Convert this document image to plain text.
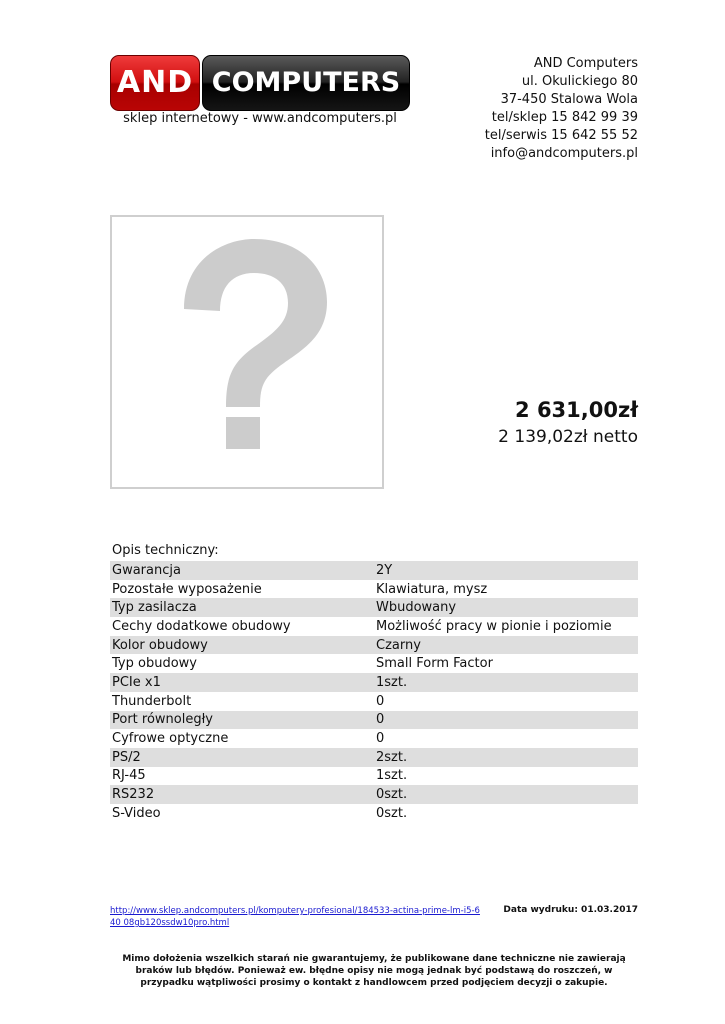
AND COMPUTERS
sklep internetowy - www.andcomputers.pl
AND Computers
ul. Okulickiego 80
37-450 Stalowa Wola
tel/sklep 15 842 99 39
tel/serwis 15 642 55 52
info@andcomputers.pl
2 631,00zł
2 139,02zł netto
Opis techniczny:
Gwarancja	2Y
Pozostałe wyposażenie	Klawiatura, mysz
Typ zasilacza	Wbudowany
Cechy dodatkowe obudowy	Możliwość pracy w pionie i poziomie
Kolor obudowy	Czarny
Typ obudowy	Small Form Factor
PCIe x1	1szt.
Thunderbolt	0
Port równoległy	0
Cyfrowe optyczne	0
PS/2	2szt.
RJ-45	1szt.
RS232	0szt.
S-Video	0szt.
http://www.sklep.andcomputers.pl/komputery-profesional/184533-actina-prime-lm-i5-640 08gb120ssdw10pro.html
Data wydruku: 01.03.2017
Mimo dołożenia wszelkich starań nie gwarantujemy, że publikowane dane techniczne nie zawierają braków lub błędów. Ponieważ ew. błędne opisy nie mogą jednak być podstawą do roszczeń, w przypadku wątpliwości prosimy o kontakt z handlowcem przed podjęciem decyzji o zakupie.
